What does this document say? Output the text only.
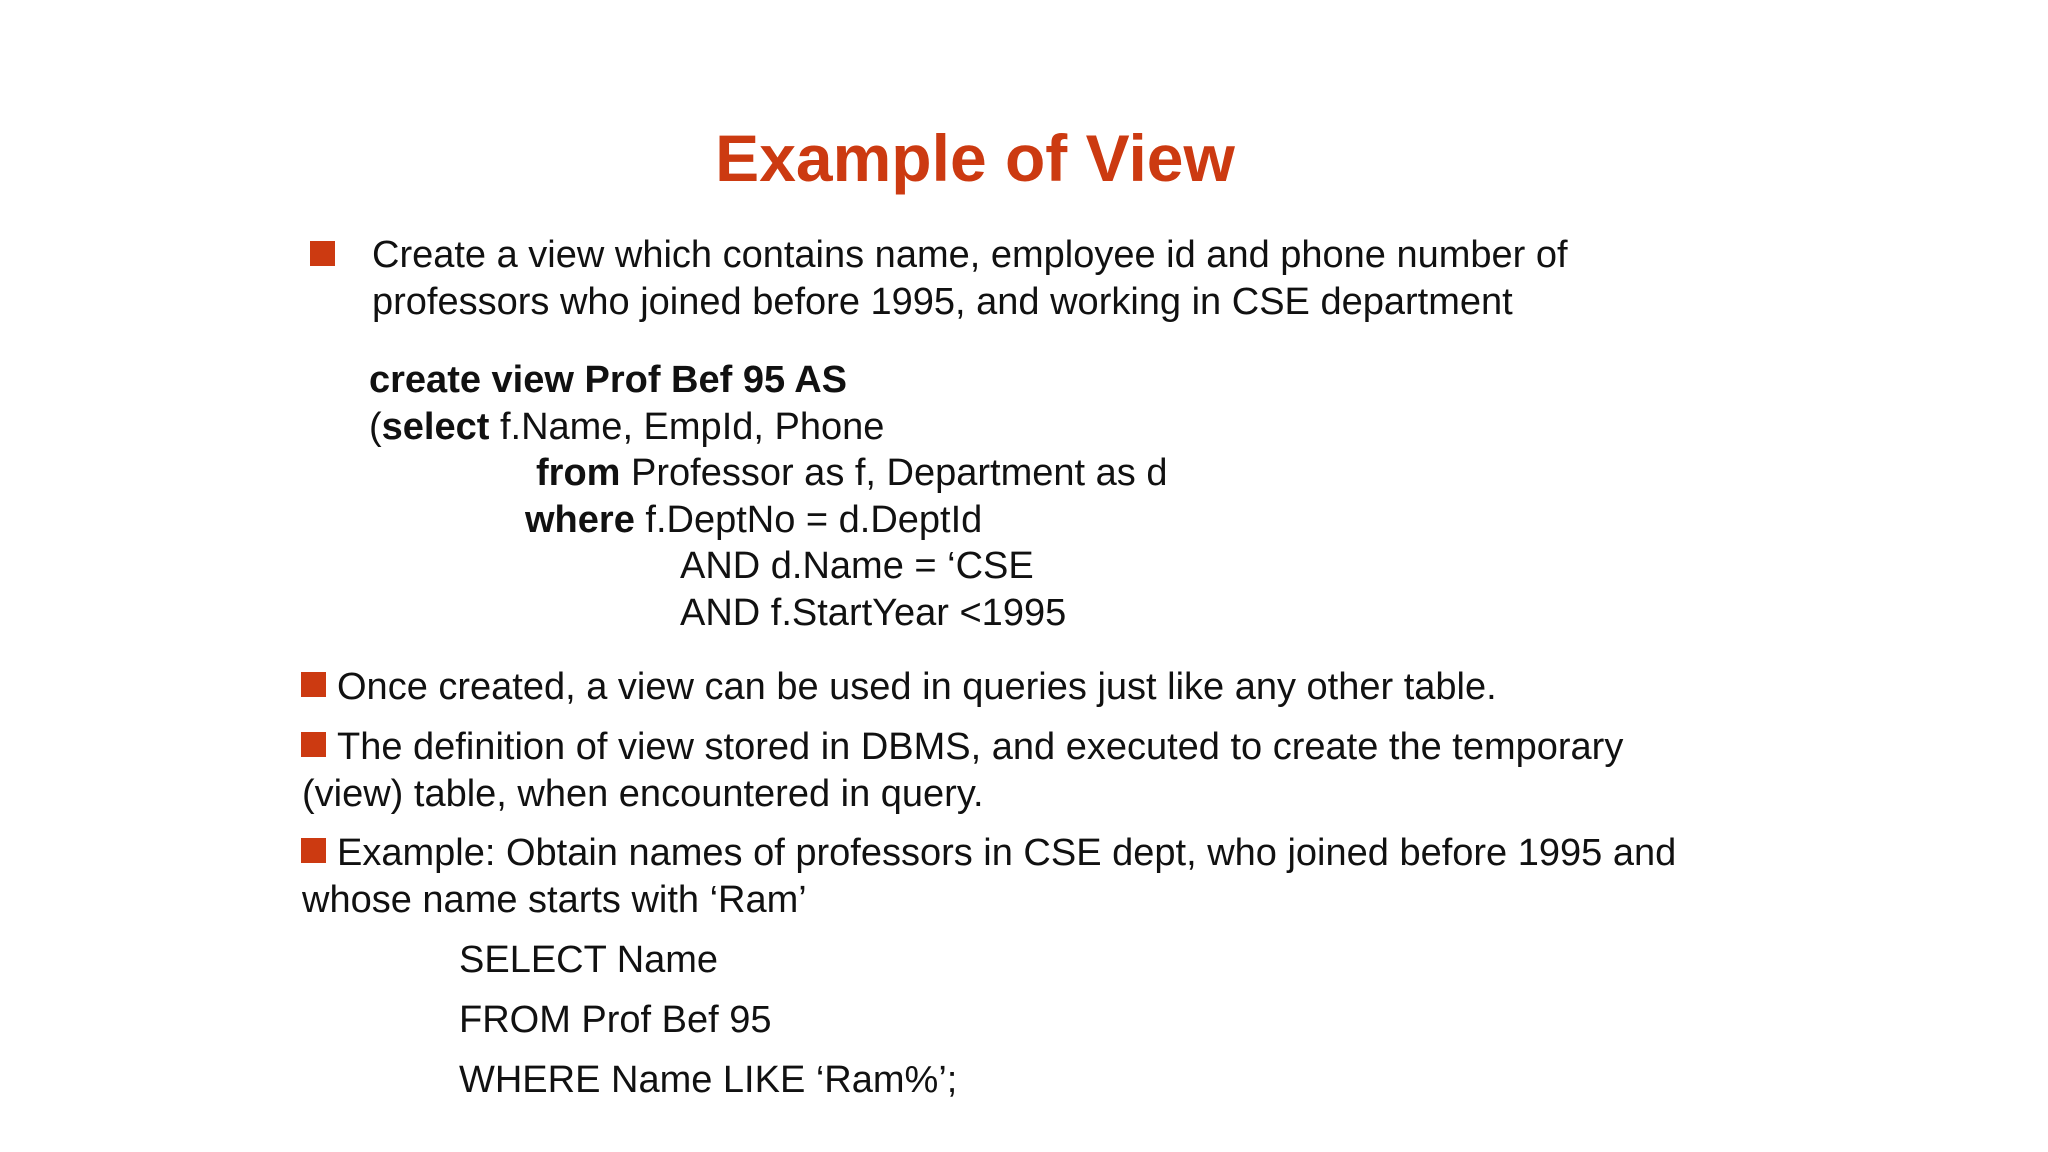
Example of View
Create a view which contains name, employee id and phone number of
professors who joined before 1995, and working in CSE department
create view Prof Bef 95 AS
(select f.Name, EmpId, Phone
from Professor as f, Department as d
where f.DeptNo = d.DeptId
AND d.Name = ‘CSE
AND f.StartYear <1995
Once created, a view can be used in queries just like any other table.
The definition of view stored in DBMS, and executed to create the temporary
(view) table, when encountered in query.
Example: Obtain names of professors in CSE dept, who joined before 1995 and
whose name starts with ‘Ram’
SELECT Name
FROM Prof Bef 95
WHERE Name LIKE ‘Ram%’;
